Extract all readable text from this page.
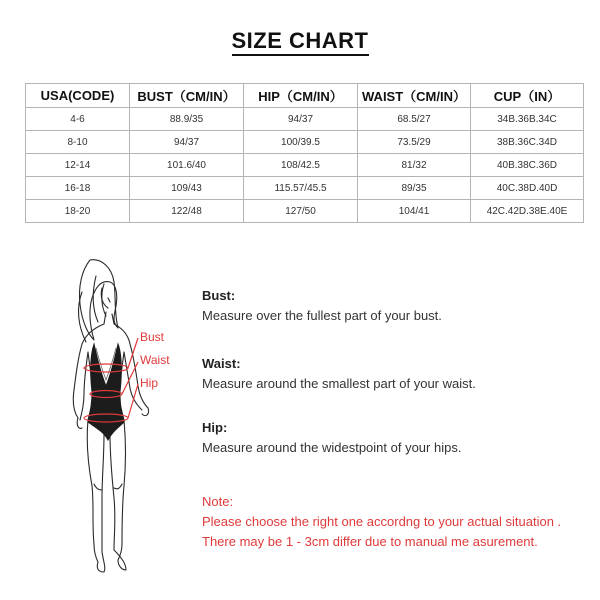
SIZE CHART
USA(CODE)	BUST（CM/IN）	HIP（CM/IN）	WAIST（CM/IN）	CUP（IN）
4-6	88.9/35	94/37	68.5/27	34B.36B.34C
8-10	94/37	100/39.5	73.5/29	38B.36C.34D
12-14	101.6/40	108/42.5	81/32	40B.38C.36D
16-18	109/43	115.57/45.5	89/35	40C.38D.40D
18-20	122/48	127/50	104/41	42C.42D.38E.40E
Bust
Waist
Hip
Bust:
Measure over the fullest part of your bust.
Waist:
Measure around the smallest part of your waist.
Hip:
Measure around the widestpoint of your hips.
Note:
Please choose the right one accordng to your actual situation .
There may be 1 - 3cm differ due to manual me asurement.
